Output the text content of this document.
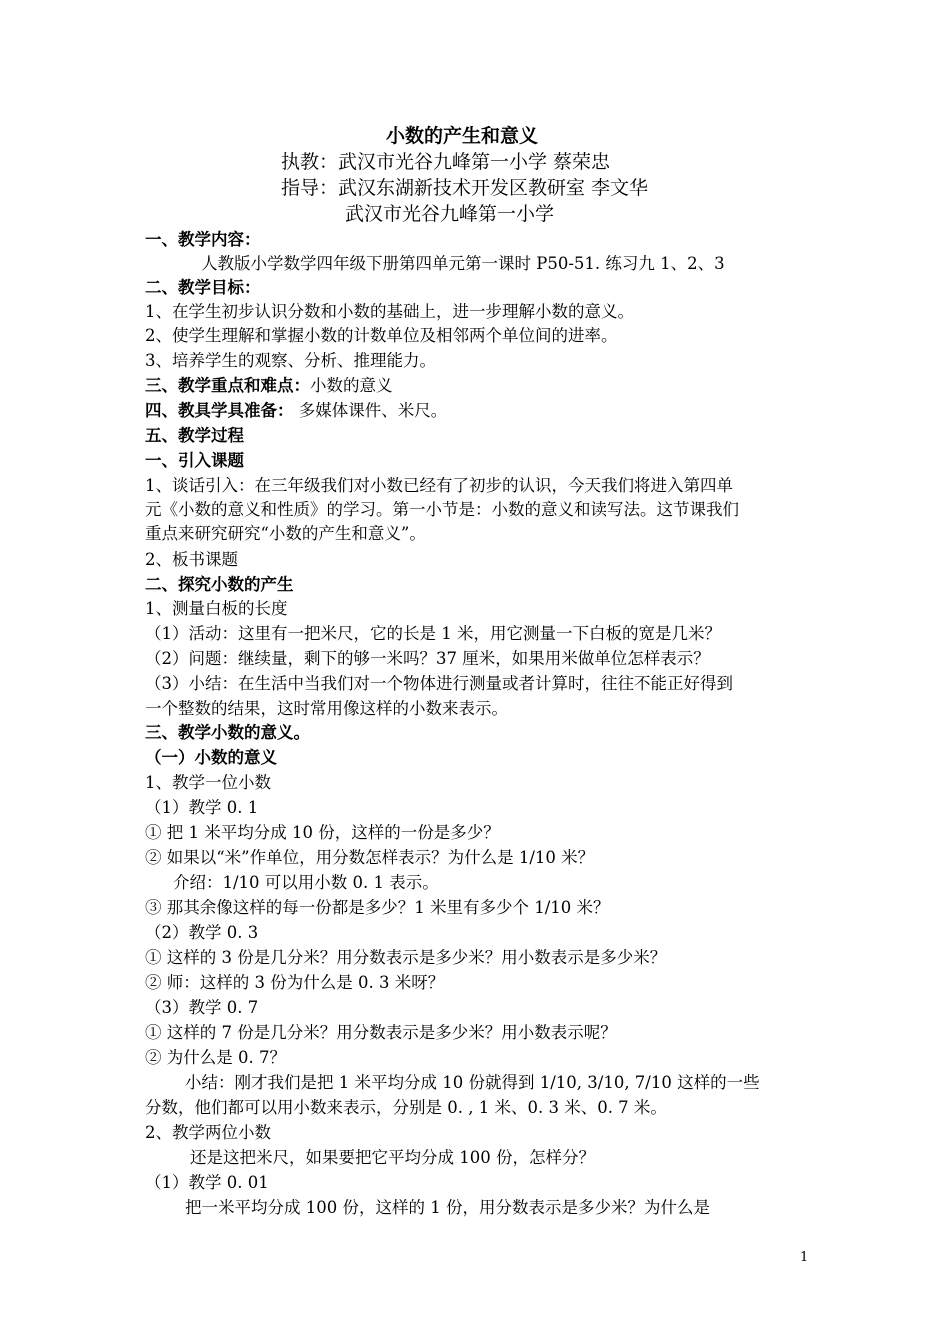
小数的产生和意义
执教：武汉市光谷九峰第一小学 蔡荣忠
指导：武汉东湖新技术开发区教研室 李文华
武汉市光谷九峰第一小学
一、教学内容：
人教版小学数学四年级下册第四单元第一课时 P50-51. 练习九 1、2、3
二、教学目标：
1、在学生初步认识分数和小数的基础上，进一步理解小数的意义。
2、使学生理解和掌握小数的计数单位及相邻两个单位间的进率。
3、培养学生的观察、分析、推理能力。
三、教学重点和难点：小数的意义
四、教具学具准备： 多媒体课件、米尺。
五、教学过程
一、引入课题
1、谈话引入：在三年级我们对小数已经有了初步的认识，今天我们将进入第四单
元《小数的意义和性质》的学习。第一小节是：小数的意义和读写法。这节课我们
重点来研究研究“小数的产生和意义”。
2、板书课题
二、探究小数的产生
1、测量白板的长度
（1）活动：这里有一把米尺，它的长是 1 米，用它测量一下白板的宽是几米？
（2）问题：继续量，剩下的够一米吗？37 厘米，如果用米做单位怎样表示？
（3）小结：在生活中当我们对一个物体进行测量或者计算时，往往不能正好得到
一个整数的结果，这时常用像这样的小数来表示。
三、教学小数的意义。
（一）小数的意义
1、教学一位小数
（1）教学 0. 1
① 把 1 米平均分成 10 份，这样的一份是多少？
② 如果以“米”作单位，用分数怎样表示？为什么是 1/10 米？
介绍：1/10 可以用小数 0. 1 表示。
③ 那其余像这样的每一份都是多少？1 米里有多少个 1/10 米？
（2）教学 0. 3
① 这样的 3 份是几分米？用分数表示是多少米？用小数表示是多少米？
② 师：这样的 3 份为什么是 0. 3 米呀？
（3）教学 0. 7
① 这样的 7 份是几分米？用分数表示是多少米？用小数表示呢？
② 为什么是 0. 7？
小结：刚才我们是把 1 米平均分成 10 份就得到 1/10, 3/10, 7/10 这样的一些
分数，他们都可以用小数来表示，分别是 0. , 1 米、0. 3 米、0. 7 米。
2、教学两位小数
还是这把米尺，如果要把它平均分成 100 份，怎样分？
（1）教学 0. 01
把一米平均分成 100 份，这样的 1 份，用分数表示是多少米？为什么是
1
